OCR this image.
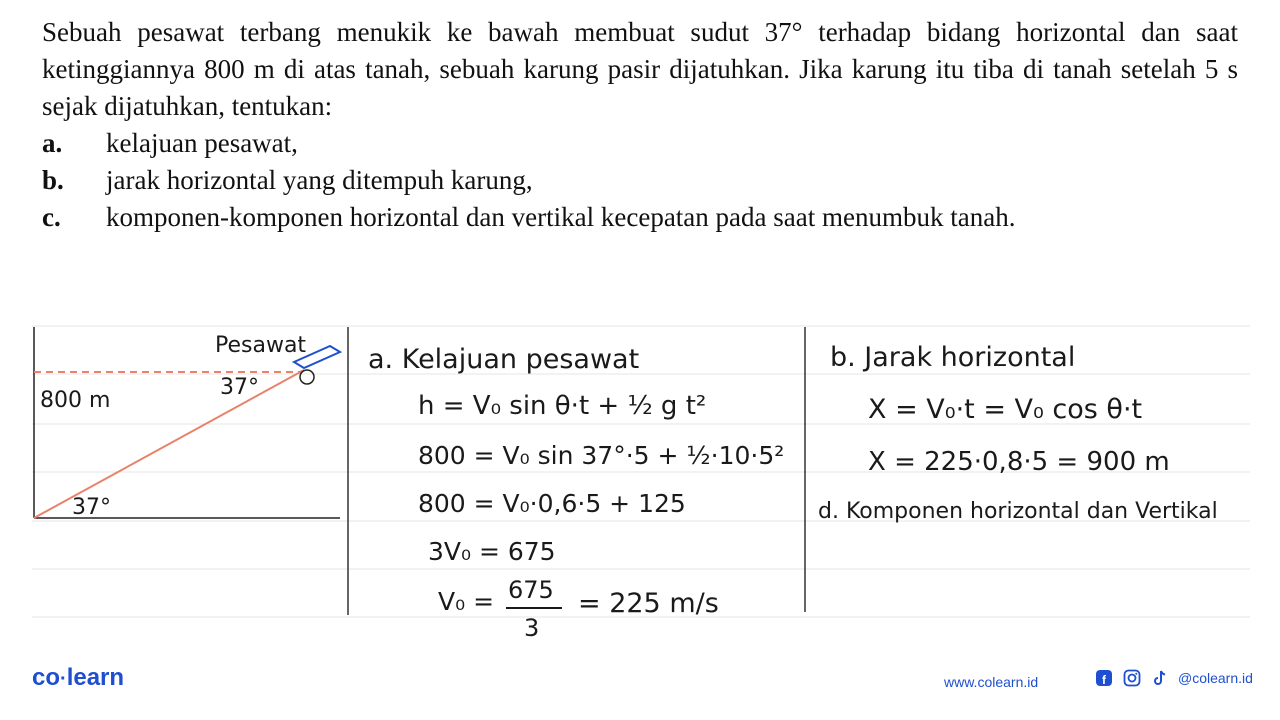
Sebuah pesawat terbang menukik ke bawah membuat sudut 37° terhadap bidang horizontal dan saat ketinggiannya 800 m di atas tanah, sebuah karung pasir dijatuhkan. Jika karung itu tiba di tanah setelah 5 s sejak dijatuhkan, tentukan:

a.	kelajuan pesawat,
b.	jarak horizontal yang ditempuh karung,
c.	komponen-komponen horizontal dan vertikal kecepatan pada saat menumbuk tanah.
Pesawat
800 m
37°
37°
a. Kelajuan pesawat
h = V₀ sin θ·t + ½ g t²
800 = V₀ sin 37°·5 + ½·10·5²
800 = V₀·0,6·5 + 125
3V₀ = 675
V₀ = 675
3
= 225 m/s
b. Jarak horizontal
X = V₀·t = V₀ cos θ·t
X = 225·0,8·5 = 900 m
d. Komponen horizontal dan Vertikal
co·learn	www.colearn.id	f	@colearn.id
